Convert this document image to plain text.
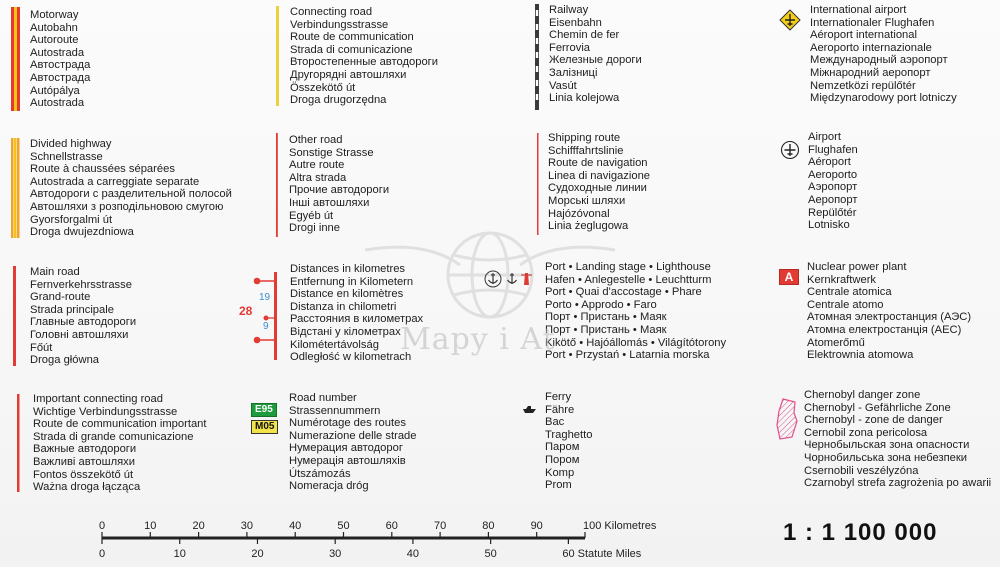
Motorway
Autobahn
Autoroute
Autostrada
Автострада
Автострада
Autópálya
Autostrada
Divided highway
Schnellstrasse
Route à chaussées séparées
Autostrada a carreggiate separate
Автодороги с разделительной полосой
Автошляхи з розподільновою смугою
Gyorsforgalmi út
Droga dwujezdniowa
Main road
Fernverkehrsstrasse
Grand-route
Strada principale
Главные автодороги
Головні автошляхи
Főút
Droga główna
Important connecting road
Wichtige Verbindungsstrasse
Route de communication important
Strada di grande comunicazione
Важные автодороги
Важливі автошляхи
Fontos összekötő út
Ważna droga łącząca
Connecting road
Verbindungsstrasse
Route de communication
Strada di comunicazione
Второстепенные автодороги
Другорядні автошляхи
Összekötő út
Droga drugorzędna
Other road
Sonstige Strasse
Autre route
Altra strada
Прочие автодороги
Інші автошляхи
Egyéb út
Drogi inne
28
19
9
Distances in kilometres
Entfernung in Kilometern
Distance en kilomètres
Distanza in chilometri
Расстояния в километрах
Відстані у кілометрах
Kilométertávolság
Odległość w kilometrach
E95
M05
Road number
Strassennummern
Numérotage des routes
Numerazione delle strade
Нумерация автодорог
Нумерація автошляхів
Útszámozás
Nomeracja dróg
Railway
Eisenbahn
Chemin de fer
Ferrovia
Железные дороги
Залізниці
Vasút
Linia kolejowa
Shipping route
Schifffahrtslinie
Route de navigation
Linea di navigazione
Судоходные линии
Морські шляхи
Hajózóvonal
Linia żeglugowa
Port • Landing stage • Lighthouse
Hafen • Anlegestelle • Leuchtturm
Port • Quai d'accostage • Phare
Porto • Approdo • Faro
Порт • Пристань • Маяк
Порт • Пристань • Маяк
Kikötő • Hajóállomás • Világítótorony
Port • Przystań • Latarnia morska
Ferry
Fähre
Bac
Traghetto
Паром
Пором
Komp
Prom
International airport
Internationaler Flughafen
Aéroport international
Aeroporto internazionale
Международный аэропорт
Міжнародний аеропорт
Nemzetközi repülőtér
Międzynarodowy port lotniczy
Airport
Flughafen
Aéroport
Aeroporto
Аэропорт
Аеропорт
Repülőtér
Lotnisko
A
Nuclear power plant
Kernkraftwerk
Centrale atomica
Centrale atomo
Атомная электростанция (АЭС)
Атомна електростанція (АЕС)
Atomerőmű
Elektrownia atomowa
Chernobyl danger zone
Chernobyl - Gefährliche Zone
Chernobyl - zone de danger
Cernobil zona pericolosa
Чернобыльская зона опасности
Чорнобильська зона небезпеки
Csernobili veszélyzóna
Czarnobyl strefa zagrożenia po awarii
Mapy i At
0	10	20	30	40	50	60	70	80	90	100 Kilometres
0	10	20	30	40	50	60 Statute Miles
1 : 1 100 000
